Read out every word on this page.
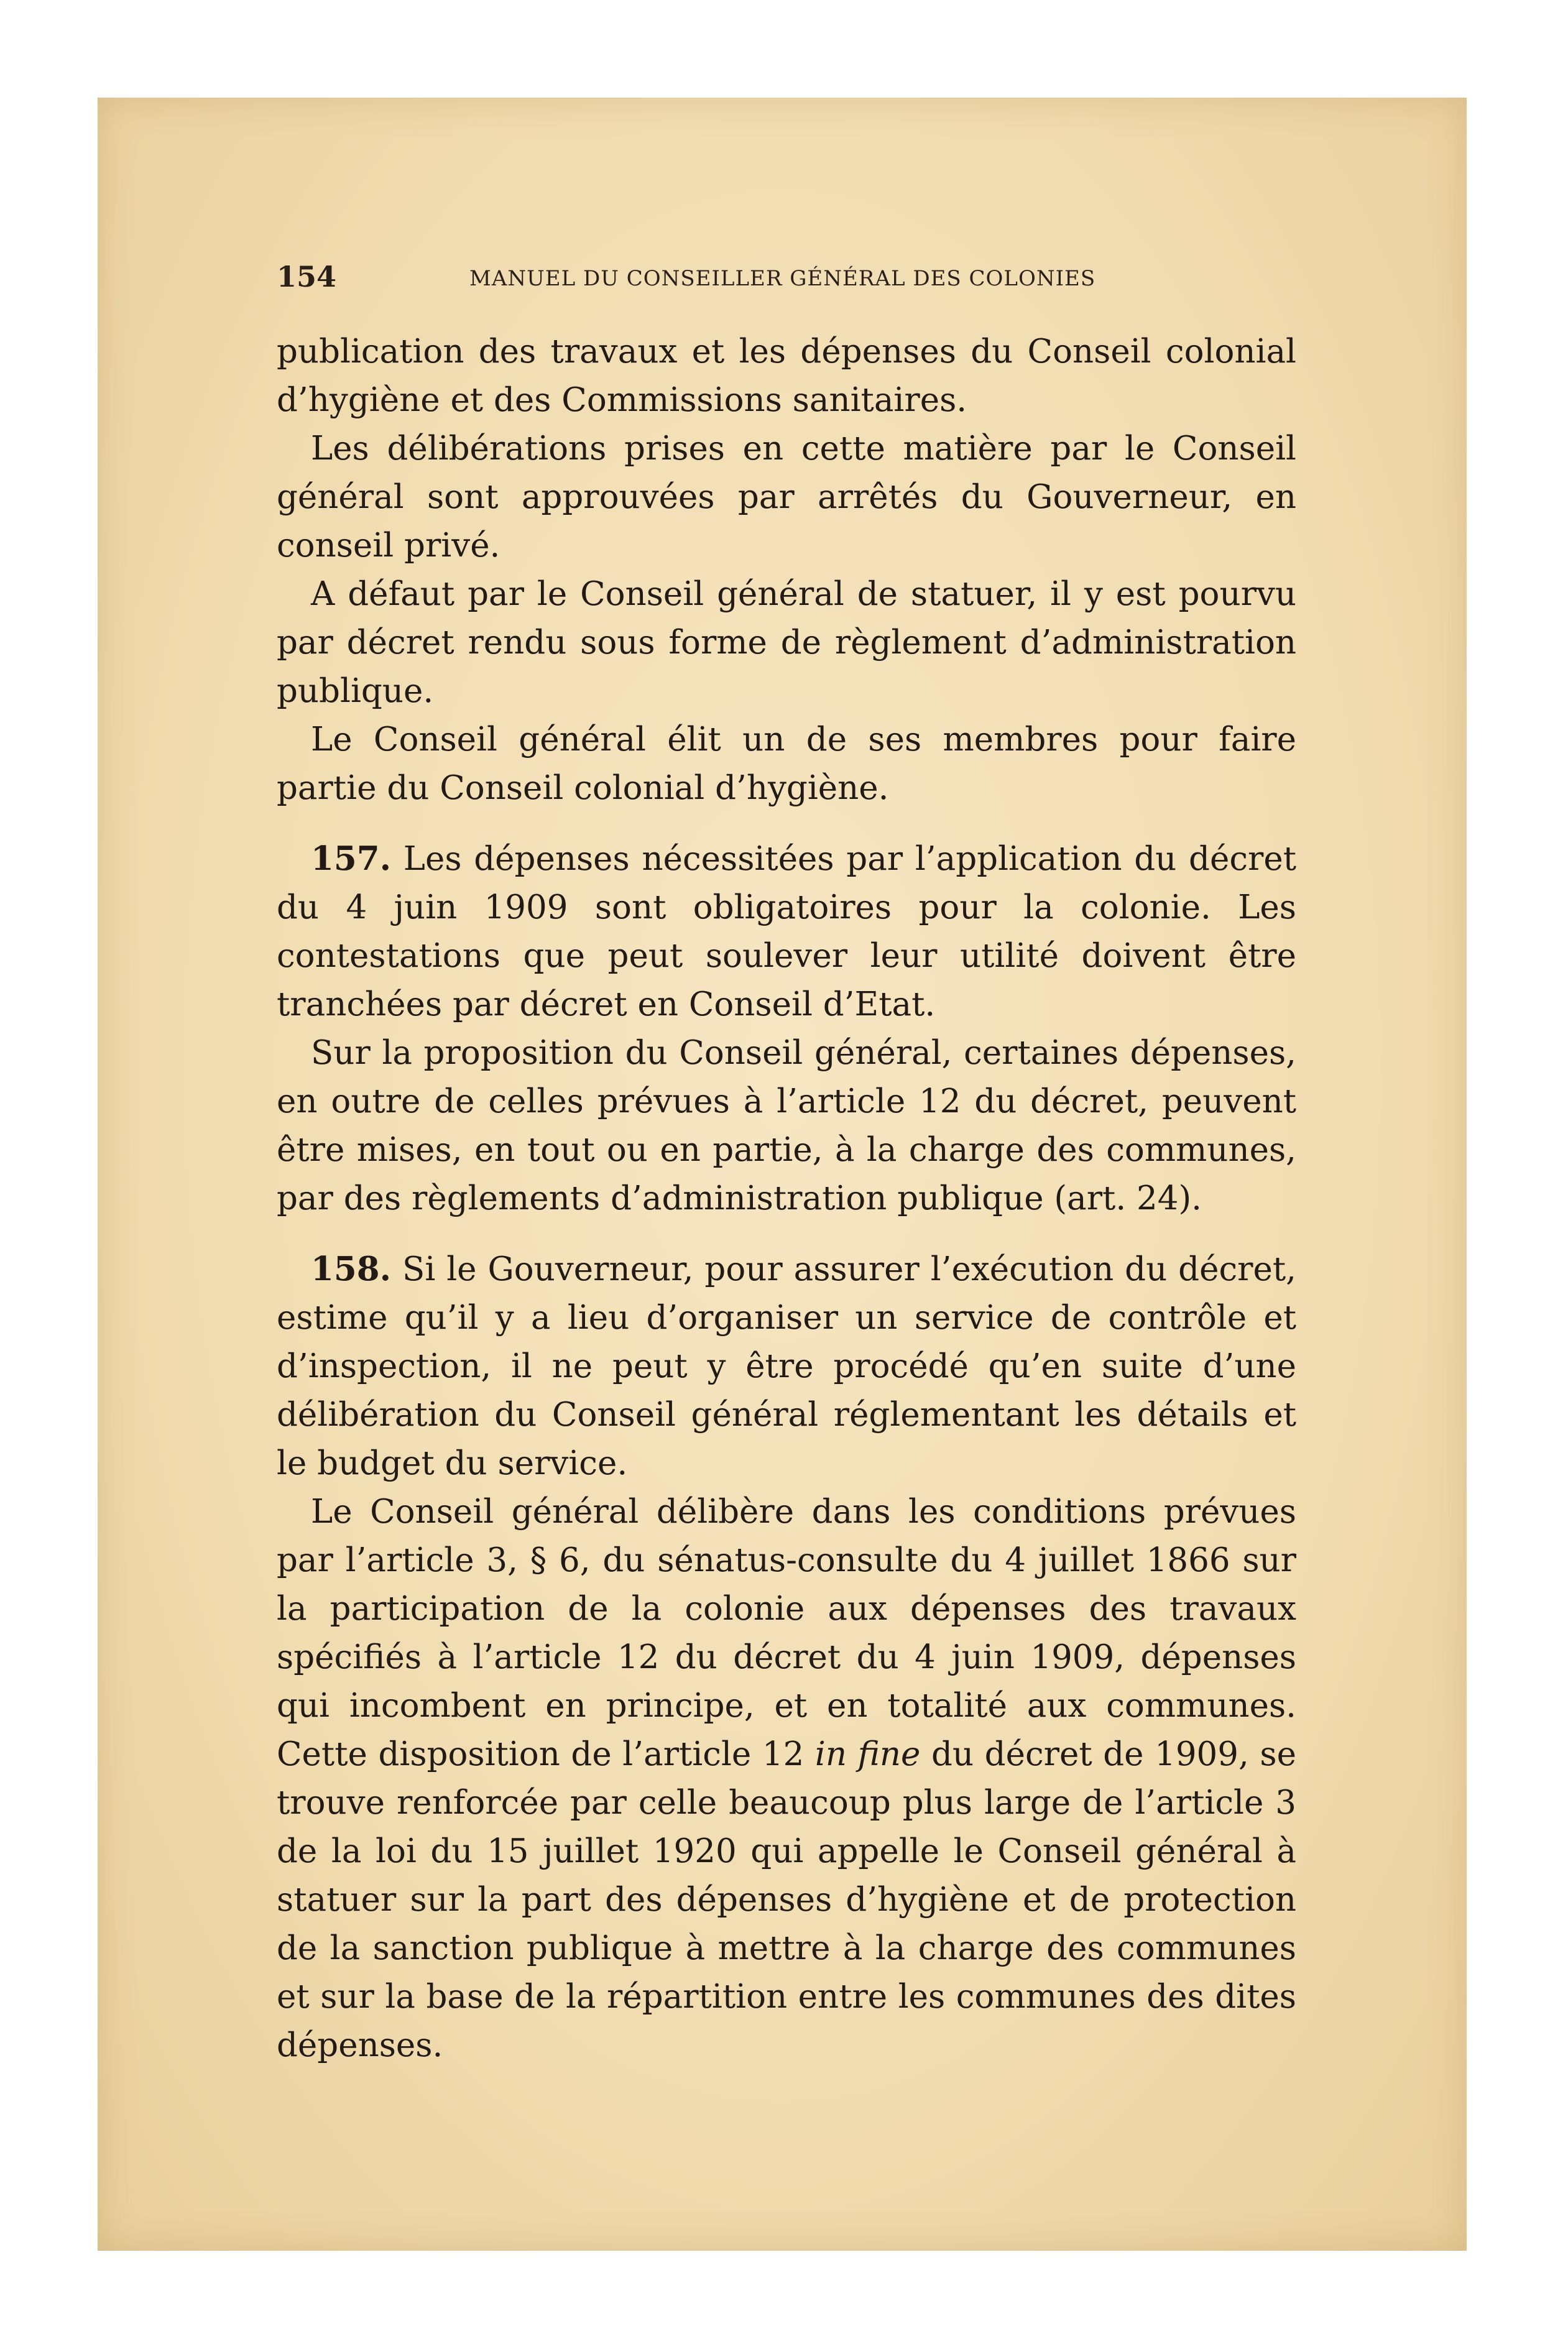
154	MANUEL DU CONSEILLER GÉNÉRAL DES COLONIES

publication des travaux et les dépenses du Conseil colonial d’hygiène et des Commissions sanitaires.

Les délibérations prises en cette matière par le Conseil général sont approuvées par arrêtés du Gouverneur, en conseil privé.

A défaut par le Conseil général de statuer, il y est pourvu par décret rendu sous forme de règlement d’administration publique.

Le Conseil général élit un de ses membres pour faire partie du Conseil colonial d’hygiène.

157. Les dépenses nécessitées par l’application du décret du 4 juin 1909 sont obligatoires pour la colonie. Les contestations que peut soulever leur utilité doivent être tranchées par décret en Conseil d’Etat.

Sur la proposition du Conseil général, certaines dépenses, en outre de celles prévues à l’article 12 du décret, peuvent être mises, en tout ou en partie, à la charge des communes, par des règlements d’administration publique (art. 24).

158. Si le Gouverneur, pour assurer l’exécution du décret, estime qu’il y a lieu d’organiser un service de contrôle et d’inspection, il ne peut y être procédé qu’en suite d’une délibération du Conseil général réglementant les détails et le budget du service.

Le Conseil général délibère dans les conditions prévues par l’article 3, § 6, du sénatus-consulte du 4 juillet 1866 sur la participation de la colonie aux dépenses des travaux spécifiés à l’article 12 du décret du 4 juin 1909, dépenses qui incombent en principe, et en totalité aux communes. Cette disposition de l’article 12 in fine du décret de 1909, se trouve renforcée par celle beaucoup plus large de l’article 3 de la loi du 15 juillet 1920 qui appelle le Conseil général à statuer sur la part des dépenses d’hygiène et de protection de la sanction publique à mettre à la charge des communes et sur la base de la répartition entre les communes des dites dépenses.
